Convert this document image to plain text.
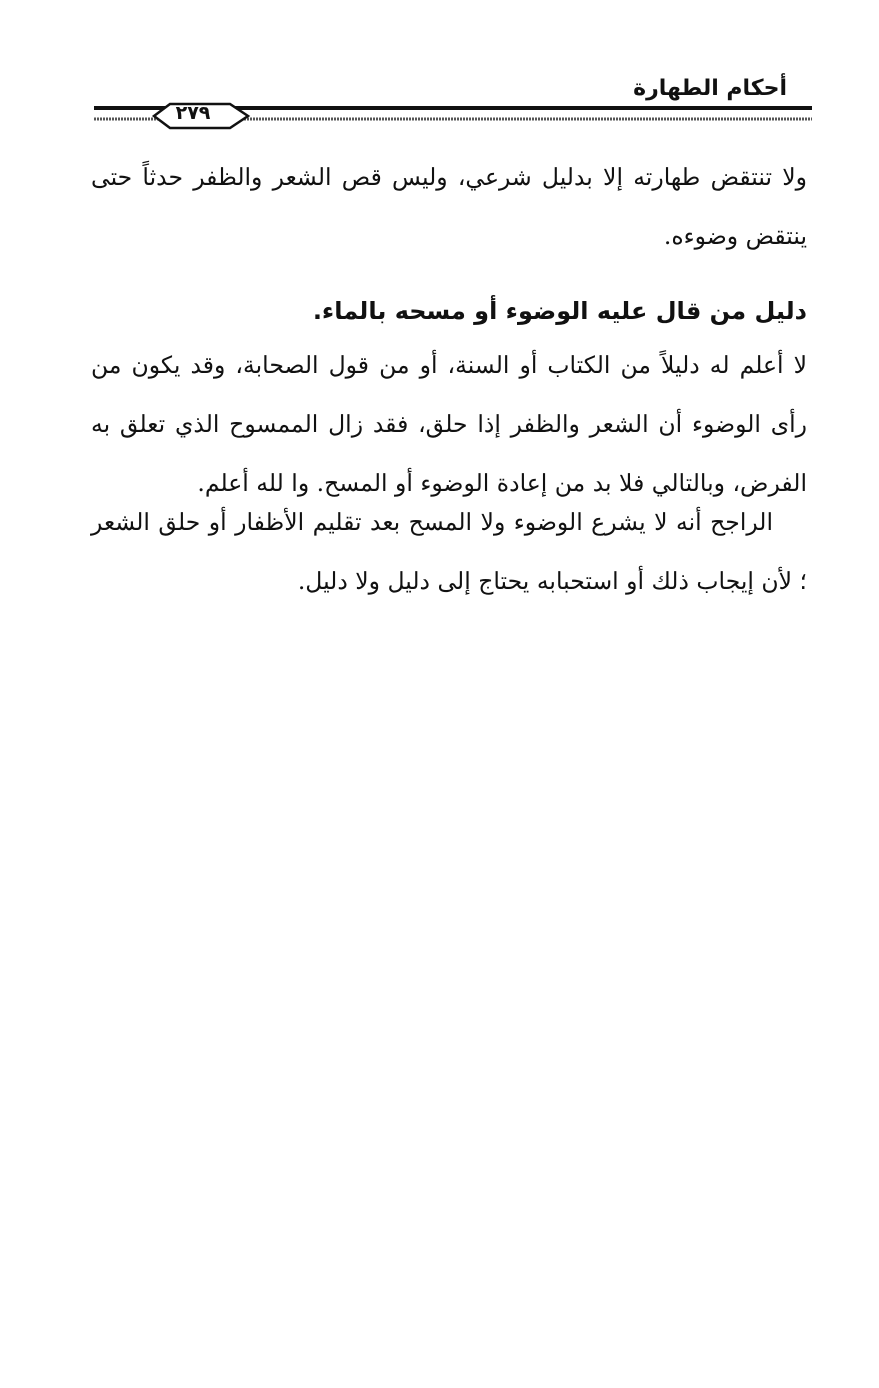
أحكام الطهارة
٢٧٩
ولا تنتقض طهارته إلا بدليل شرعي، وليس قص الشعر والظفر حدثاً حتى ينتقض وضوءه.
دليل من قال عليه الوضوء أو مسحه بالماء.
لا أعلم له دليلاً من الكتاب أو السنة، أو من قول الصحابة، وقد يكون من رأى الوضوء أن الشعر والظفر إذا حلق، فقد زال الممسوح الذي تعلق به الفرض، وبالتالي فلا بد من إعادة الوضوء أو المسح. وا لله أعلم.
الراجح أنه لا يشرع الوضوء ولا المسح بعد تقليم الأظفار أو حلق الشعر ؛ لأن إيجاب ذلك أو استحبابه يحتاج إلى دليل ولا دليل.
